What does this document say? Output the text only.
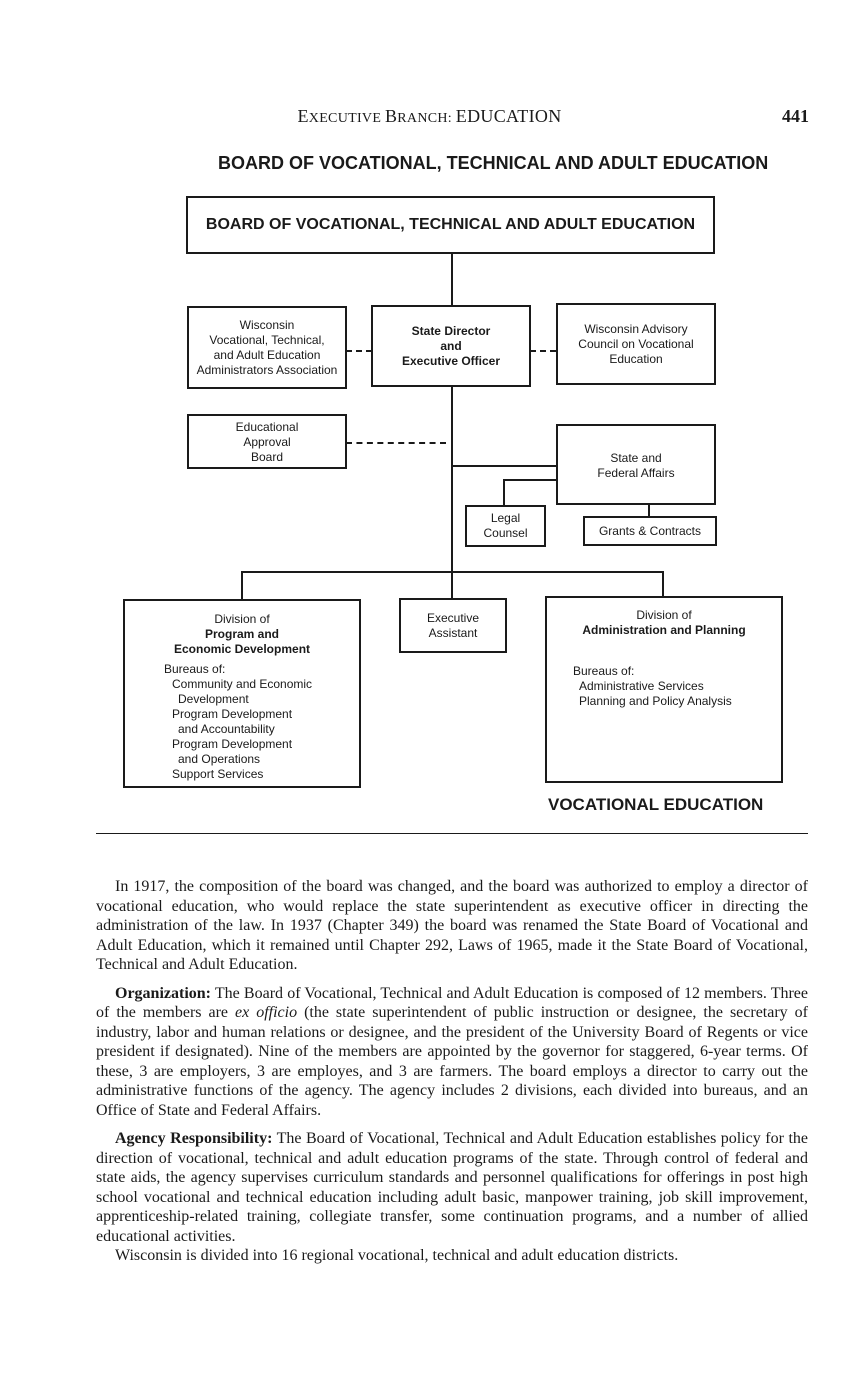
EXECUTIVE BRANCH: EDUCATION	441
BOARD OF VOCATIONAL, TECHNICAL AND ADULT EDUCATION
BOARD OF VOCATIONAL, TECHNICAL AND ADULT EDUCATION
Wisconsin
Vocational, Technical,
and Adult Education
Administrators Association
State Director
and
Executive Officer
Wisconsin Advisory
Council on Vocational
Education
Educational
Approval
Board	State and
Federal Affairs
Legal
Counsel	Grants & Contracts
Division of
Program and
Economic Development
Bureaus of:
Community and Economic
Development
Program Development
and Accountability
Program Development
and Operations
Support Services
Executive
Assistant
Division of
Administration and Planning
Bureaus of:
Administrative Services
Planning and Policy Analysis
VOCATIONAL EDUCATION

In 1917, the composition of the board was changed, and the board was authorized to employ a director of vocational education, who would replace the state superintendent as executive officer in directing the administration of the law. In 1937 (Chapter 349) the board was renamed the State Board of Vocational and Adult Education, which it remained until Chapter 292, Laws of 1965, made it the State Board of Vocational, Technical and Adult Education.

Organization: The Board of Vocational, Technical and Adult Education is composed of 12 members. Three of the members are ex officio (the state superintendent of public instruction or designee, the secretary of industry, labor and human relations or designee, and the president of the University Board of Regents or vice president if designated). Nine of the members are appointed by the governor for staggered, 6-year terms. Of these, 3 are employers, 3 are employes, and 3 are farmers. The board employs a director to carry out the administrative functions of the agency. The agency includes 2 divisions, each divided into bureaus, and an Office of State and Federal Affairs.

Agency Responsibility: The Board of Vocational, Technical and Adult Education establishes policy for the direction of vocational, technical and adult education programs of the state. Through control of federal and state aids, the agency supervises curriculum standards and personnel qualifications for offerings in post high school vocational and technical education including adult basic, manpower training, job skill improvement, apprenticeship-related training, collegiate transfer, some continuation programs, and a number of allied educational activities.

Wisconsin is divided into 16 regional vocational, technical and adult education districts.
